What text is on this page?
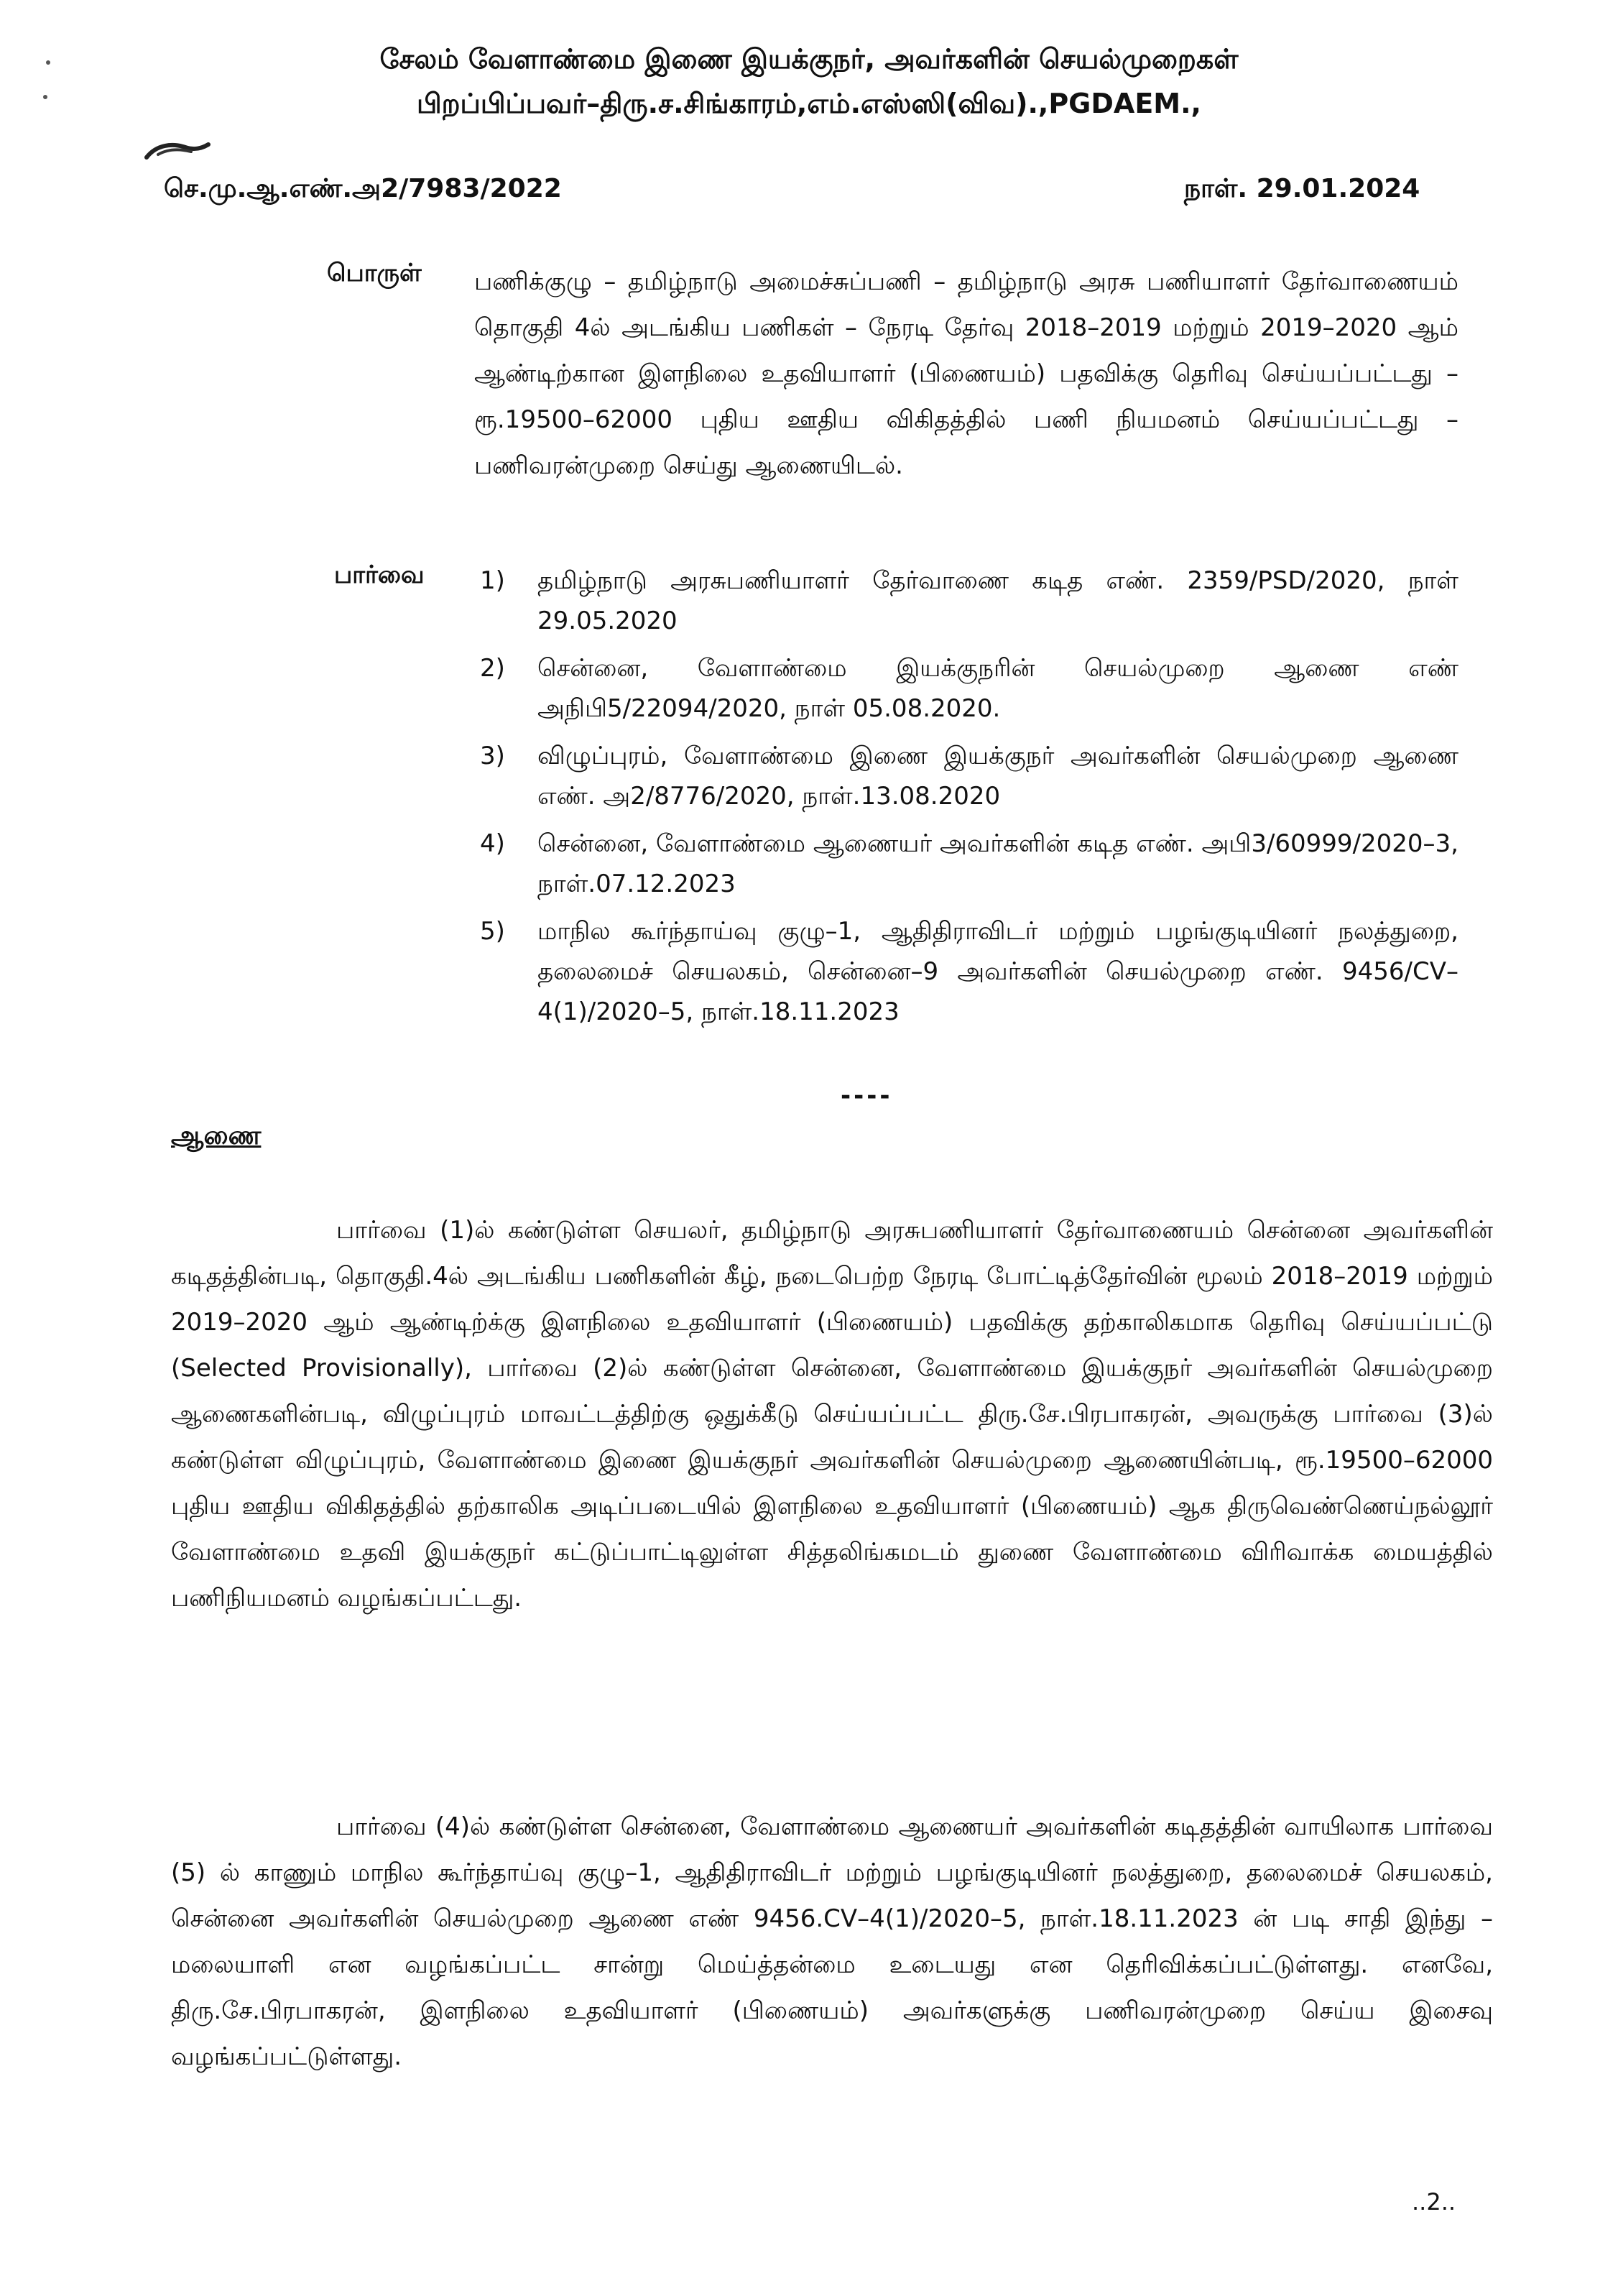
சேலம் வேளாண்மை இணை இயக்குநர், அவர்களின் செயல்முறைகள்
பிறப்பிப்பவர்–திரு.ச.சிங்காரம்,எம்.எஸ்ஸி(விவ).,PGDAEM.,
செ.மு.ஆ.எண்.அ2/7983/2022	நாள். 29.01.2024
பொருள் பணிக்குழு – தமிழ்நாடு அமைச்சுப்பணி – தமிழ்நாடு அரசு பணியாளர் தேர்வாணையம் தொகுதி 4ல் அடங்கிய பணிகள் – நேரடி தேர்வு 2018–2019 மற்றும் 2019–2020 ஆம் ஆண்டிற்கான இளநிலை உதவியாளர் (பிணையம்) பதவிக்கு தெரிவு செய்யப்பட்டது – ரூ.19500–62000 புதிய ஊதிய விகிதத்தில் பணி நியமனம் செய்யப்பட்டது – பணிவரன்முறை செய்து ஆணையிடல்.
பார்வை 1) தமிழ்நாடு அரசுபணியாளர் தேர்வாணை கடித எண். 2359/PSD/2020, நாள் 29.05.2020
2) சென்னை, வேளாண்மை இயக்குநரின் செயல்முறை ஆணை எண் அநிபி5/22094/2020, நாள் 05.08.2020.
3) விழுப்புரம், வேளாண்மை இணை இயக்குநர் அவர்களின் செயல்முறை ஆணை எண். அ2/8776/2020, நாள்.13.08.2020
4) சென்னை, வேளாண்மை ஆணையர் அவர்களின் கடித எண். அபி3/60999/2020–3, நாள்.07.12.2023
5) மாநில கூர்ந்தாய்வு குழு–1, ஆதிதிராவிடர் மற்றும் பழங்குடியினர் நலத்துறை, தலைமைச் செயலகம், சென்னை–9 அவர்களின் செயல்முறை எண். 9456/CV–4(1)/2020–5, நாள்.18.11.2023
----
ஆணை

பார்வை (1)ல் கண்டுள்ள செயலர், தமிழ்நாடு அரசுபணியாளர் தேர்வாணையம் சென்னை அவர்களின் கடிதத்தின்படி, தொகுதி.4ல் அடங்கிய பணிகளின் கீழ், நடைபெற்ற நேரடி போட்டித்தேர்வின் மூலம் 2018–2019 மற்றும் 2019–2020 ஆம் ஆண்டிற்க்கு இளநிலை உதவியாளர் (பிணையம்) பதவிக்கு தற்காலிகமாக தெரிவு செய்யப்பட்டு (Selected Provisionally), பார்வை (2)ல் கண்டுள்ள சென்னை, வேளாண்மை இயக்குநர் அவர்களின் செயல்முறை ஆணைகளின்படி, விழுப்புரம் மாவட்டத்திற்கு ஒதுக்கீடு செய்யப்பட்ட திரு.சே.பிரபாகரன், அவருக்கு பார்வை (3)ல் கண்டுள்ள விழுப்புரம், வேளாண்மை இணை இயக்குநர் அவர்களின் செயல்முறை ஆணையின்படி, ரூ.19500–62000 புதிய ஊதிய விகிதத்தில் தற்காலிக அடிப்படையில் இளநிலை உதவியாளர் (பிணையம்) ஆக திருவெண்ணெய்நல்லூர் வேளாண்மை உதவி இயக்குநர் கட்டுப்பாட்டிலுள்ள சித்தலிங்கமடம் துணை வேளாண்மை விரிவாக்க மையத்தில் பணிநியமனம் வழங்கப்பட்டது.

பார்வை (4)ல் கண்டுள்ள சென்னை, வேளாண்மை ஆணையர் அவர்களின் கடிதத்தின் வாயிலாக பார்வை (5) ல் காணும் மாநில கூர்ந்தாய்வு குழு–1, ஆதிதிராவிடர் மற்றும் பழங்குடியினர் நலத்துறை, தலைமைச் செயலகம், சென்னை அவர்களின் செயல்முறை ஆணை எண் 9456.CV–4(1)/2020–5, நாள்.18.11.2023 ன் படி சாதி இந்து – மலையாளி என வழங்கப்பட்ட சான்று மெய்த்தன்மை உடையது என தெரிவிக்கப்பட்டுள்ளது. எனவே, திரு.சே.பிரபாகரன், இளநிலை உதவியாளர் (பிணையம்) அவர்களுக்கு பணிவரன்முறை செய்ய இசைவு வழங்கப்பட்டுள்ளது.

..2..
